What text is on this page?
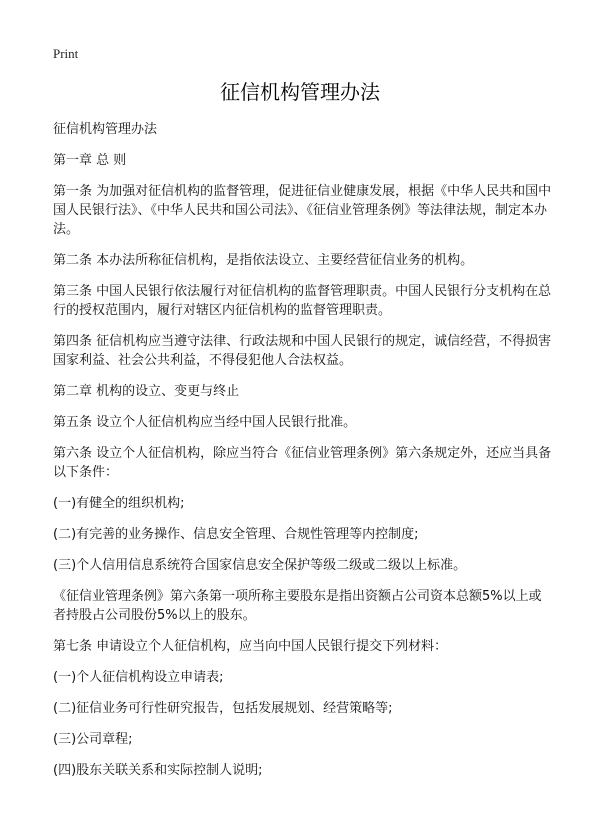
Print
征信机构管理办法

征信机构管理办法

第一章 总 则

第一条 为加强对征信机构的监督管理，促进征信业健康发展，根据《中华人民共和国中国人民银行法》、《中华人民共和国公司法》、《征信业管理条例》等法律法规，制定本办法。

第二条 本办法所称征信机构，是指依法设立、主要经营征信业务的机构。

第三条 中国人民银行依法履行对征信机构的监督管理职责。中国人民银行分支机构在总行的授权范围内，履行对辖区内征信机构的监督管理职责。

第四条 征信机构应当遵守法律、行政法规和中国人民银行的规定，诚信经营，不得损害国家利益、社会公共利益，不得侵犯他人合法权益。

第二章 机构的设立、变更与终止

第五条 设立个人征信机构应当经中国人民银行批准。

第六条 设立个人征信机构，除应当符合《征信业管理条例》第六条规定外，还应当具备以下条件：

(一)有健全的组织机构;

(二)有完善的业务操作、信息安全管理、合规性管理等内控制度;

(三)个人信用信息系统符合国家信息安全保护等级二级或二级以上标准。

《征信业管理条例》第六条第一项所称主要股东是指出资额占公司资本总额5%以上或者持股占公司股份5%以上的股东。

第七条 申请设立个人征信机构，应当向中国人民银行提交下列材料：

(一)个人征信机构设立申请表;

(二)征信业务可行性研究报告，包括发展规划、经营策略等;

(三)公司章程;

(四)股东关联关系和实际控制人说明;
